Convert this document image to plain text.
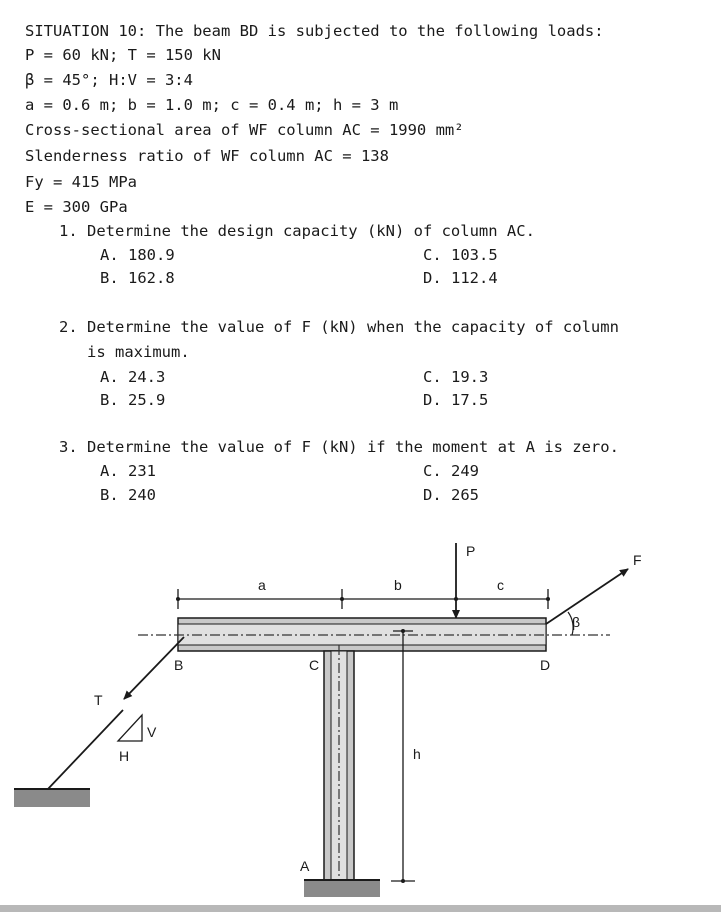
SITUATION 10: The beam BD is subjected to the following loads:
P = 60 kN; T = 150 kN
β = 45°; H:V = 3:4
a = 0.6 m; b = 1.0 m; c = 0.4 m; h = 3 m
Cross-sectional area of WF column AC = 1990 mm²
Slenderness ratio of WF column AC = 138
Fy = 415 MPa
E = 300 GPa
1. Determine the design capacity (kN) of column AC.
A. 180.9	C. 103.5
B. 162.8	D. 112.4
2. Determine the value of F (kN) when the capacity of column
is maximum.
A. 24.3	C. 19.3
B. 25.9	D. 17.5
3. Determine the value of F (kN) if the moment at A is zero.
A. 231	C. 249
B. 240	D. 265
a	b	c
P
F
β
h
B	C	D
A
T
V
H
